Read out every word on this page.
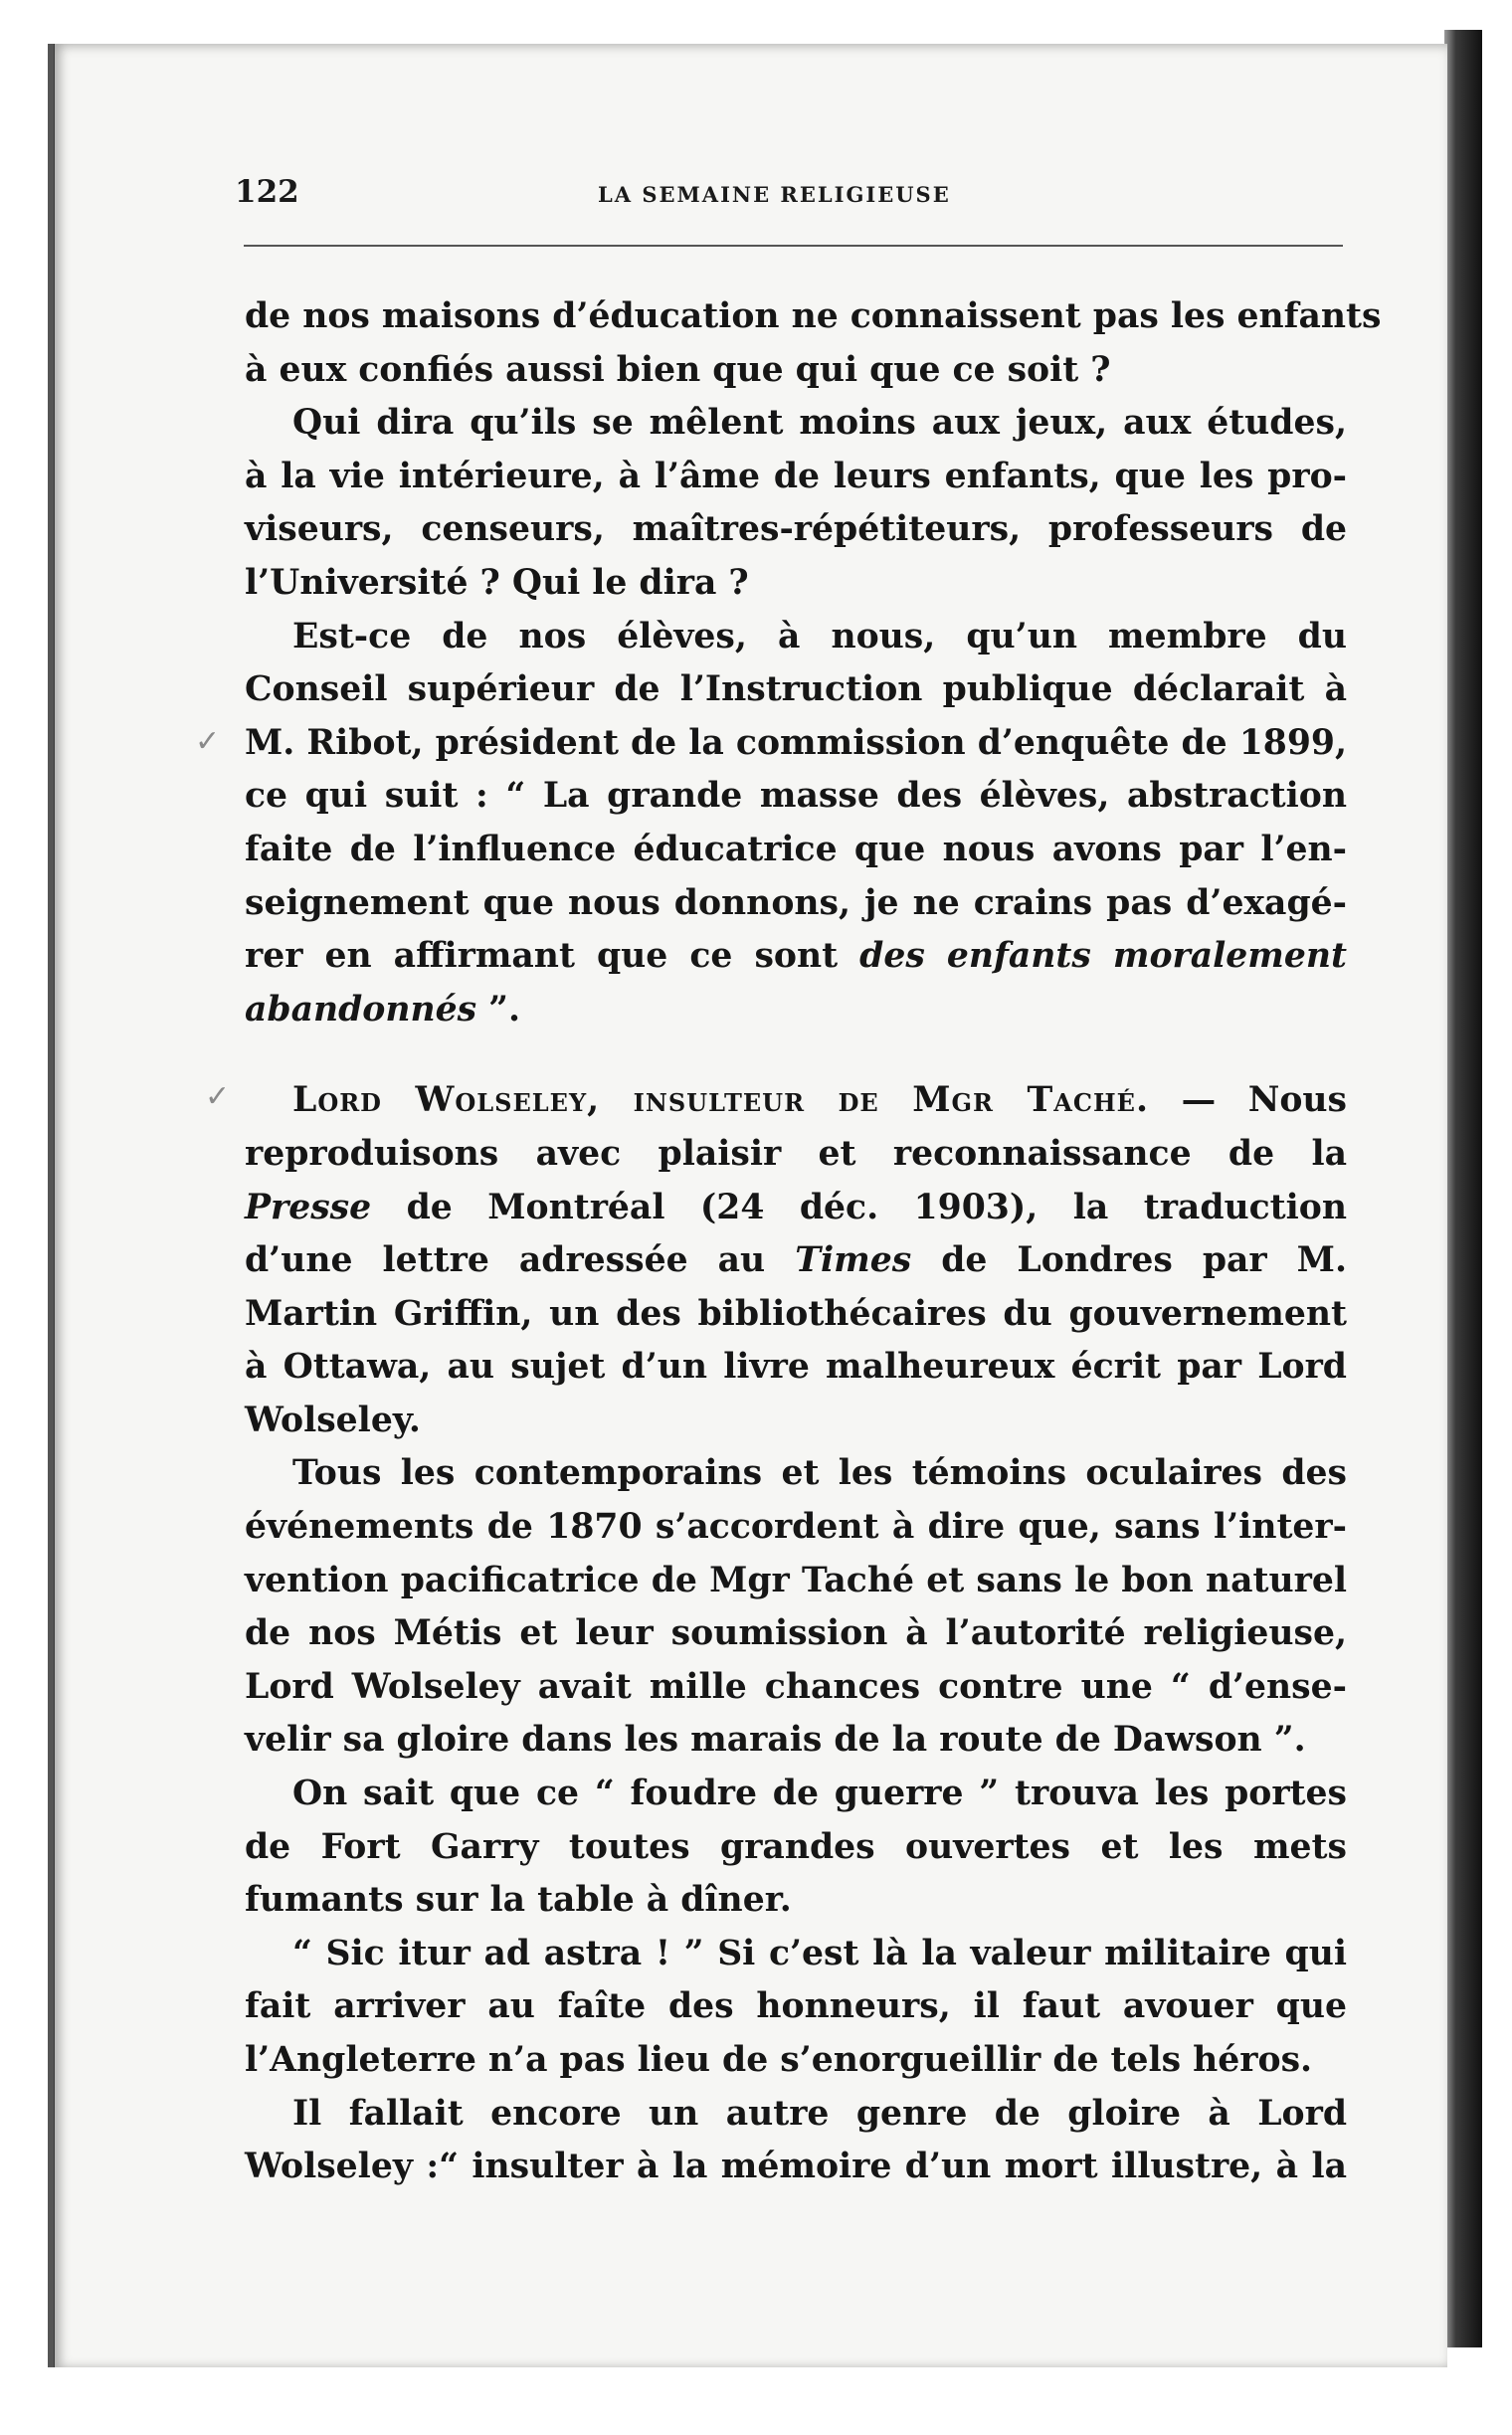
122	LA SEMAINE RELIGIEUSE
✓
✓
de nos maisons d’éducation ne connaissent pas les enfants
à eux confiés aussi bien que qui que ce soit ?
Qui dira qu’ils se mêlent moins aux jeux, aux études,
à la vie intérieure, à l’âme de leurs enfants, que les pro-
viseurs, censeurs, maîtres-répétiteurs, professeurs de
l’Université ? Qui le dira ?
Est-ce de nos élèves, à nous, qu’un membre du
Conseil supérieur de l’Instruction publique déclarait à
M. Ribot, président de la commission d’enquête de 1899,
ce qui suit : “ La grande masse des élèves, abstraction
faite de l’influence éducatrice que nous avons par l’en-
seignement que nous donnons, je ne crains pas d’exagé-
rer en affirmant que ce sont des enfants moralement
abandonnés ”.
Lord Wolseley, insulteur de Mgr Taché. — Nous
reproduisons avec plaisir et reconnaissance de la
Presse de Montréal (24 déc. 1903), la traduction
d’une lettre adressée au Times de Londres par M.
Martin Griffin, un des bibliothécaires du gouvernement
à Ottawa, au sujet d’un livre malheureux écrit par Lord
Wolseley.
Tous les contemporains et les témoins oculaires des
événements de 1870 s’accordent à dire que, sans l’inter-
vention pacificatrice de Mgr Taché et sans le bon naturel
de nos Métis et leur soumission à l’autorité religieuse,
Lord Wolseley avait mille chances contre une “ d’ense-
velir sa gloire dans les marais de la route de Dawson ”.
On sait que ce “ foudre de guerre ” trouva les portes
de Fort Garry toutes grandes ouvertes et les mets
fumants sur la table à dîner.
“ Sic itur ad astra ! ” Si c’est là la valeur militaire qui
fait arriver au faîte des honneurs, il faut avouer que
l’Angleterre n’a pas lieu de s’enorgueillir de tels héros.
Il fallait encore un autre genre de gloire à Lord
Wolseley :“ insulter à la mémoire d’un mort illustre, à la
